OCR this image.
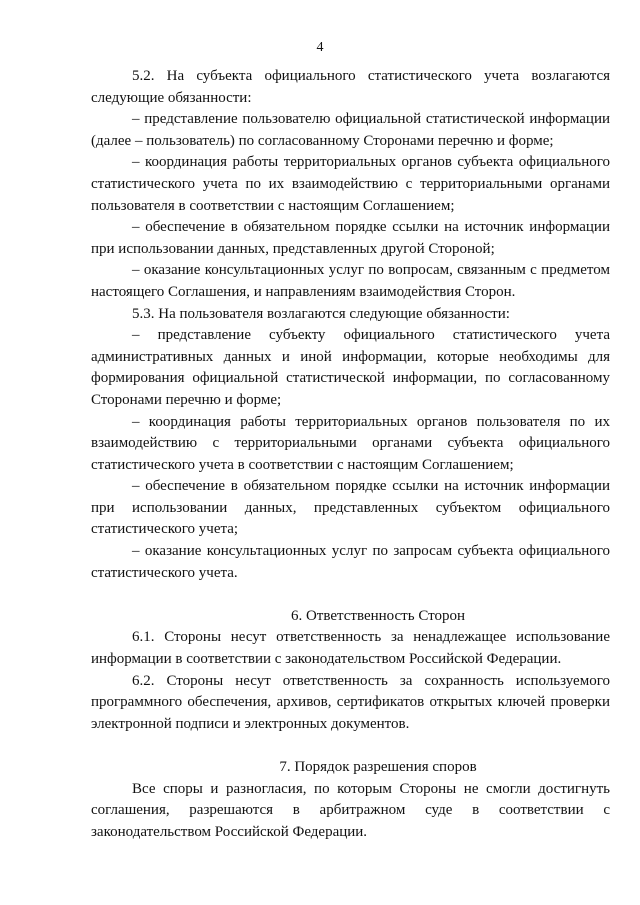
4

5.2. На субъекта официального статистического учета возлагаются следующие обязанности:

– представление пользователю официальной статистической информации (далее – пользователь) по согласованному Сторонами перечню и форме;

– координация работы территориальных органов субъекта официального статистического учета по их взаимодействию с территориальными органами пользователя в соответствии с настоящим Соглашением;

– обеспечение в обязательном порядке ссылки на источник информации при использовании данных, представленных другой Стороной;

– оказание консультационных услуг по вопросам, связанным с предметом настоящего Соглашения, и направлениям взаимодействия Сторон.

5.3. На пользователя возлагаются следующие обязанности:

– представление субъекту официального статистического учета административных данных и иной информации, которые необходимы для формирования официальной статистической информации, по согласованному Сторонами перечню и форме;

– координация работы территориальных органов пользователя по их взаимодействию с территориальными органами субъекта официального статистического учета в соответствии с настоящим Соглашением;

– обеспечение в обязательном порядке ссылки на источник информации при использовании данных, представленных субъектом официального статистического учета;

– оказание консультационных услуг по запросам субъекта официального статистического учета.

6. Ответственность Сторон

6.1. Стороны несут ответственность за ненадлежащее использование информации в соответствии с законодательством Российской Федерации.

6.2. Стороны несут ответственность за сохранность используемого программного обеспечения, архивов, сертификатов открытых ключей проверки электронной подписи и электронных документов.

7. Порядок разрешения споров

Все споры и разногласия, по которым Стороны не смогли достигнуть соглашения, разрешаются в арбитражном суде в соответствии с законодательством Российской Федерации.
